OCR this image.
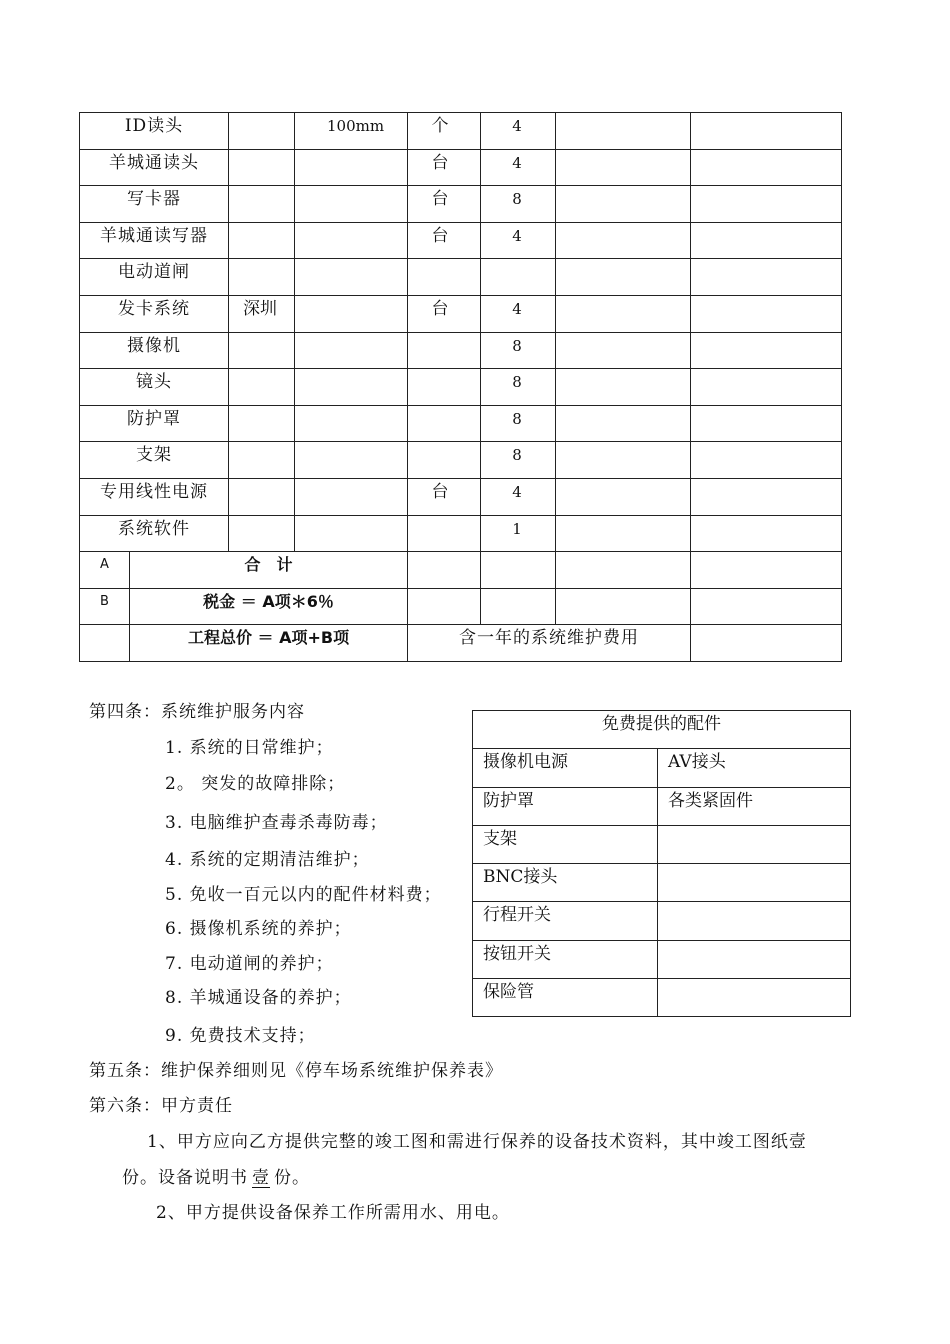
ID读头			100mm	个	4		
羊城通读头				台	4		
写卡器				台	8		
羊城通读写器				台	4		
电动道闸							
发卡系统		深圳		台	4		
摄像机					8		
镜头					8		
防护罩					8		
支架					8		
专用线性电源				台	4		
系统软件					1		
A	合　计						
B	税金 ＝ A项＊6％						
	工程总价 ＝ A项+B项			含一年的系统维护费用			
第四条：系统维护服务内容
1. 系统的日常维护；
2。 突发的故障排除；
3. 电脑维护查毒杀毒防毒；
4. 系统的定期清洁维护；
5. 免收一百元以内的配件材料费；
6. 摄像机系统的养护；
7. 电动道闸的养护；
8. 羊城通设备的养护；
9. 免费技术支持；
免费提供的配件	
摄像机电源	AV接头
防护罩	各类紧固件
支架	
BNC接头	
行程开关	
按钮开关	
保险管	
第五条：维护保养细则见《停车场系统维护保养表》
第六条：甲方责任
1、甲方应向乙方提供完整的竣工图和需进行保养的设备技术资料，其中竣工图纸壹
份。设备说明书 壹 份。
2、甲方提供设备保养工作所需用水、用电。
